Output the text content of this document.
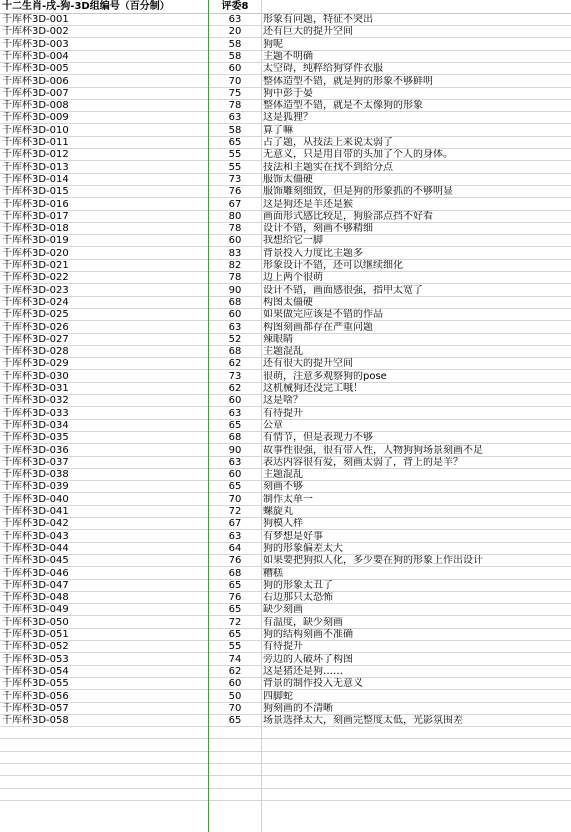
十二生肖-戌-狗-3D组编号（百分制）	评委8
千库杯3D-001	63	形象有问题，特征不突出
千库杯3D-002	20	还有巨大的提升空间
千库杯3D-003	58	狗呢
千库杯3D-004	58	主题不明确
千库杯3D-005	60	太空碍，纯粹给狗穿件衣服
千库杯3D-006	70	整体造型不错，就是狗的形象不够鲜明
千库杯3D-007	75	狗中彭于晏
千库杯3D-008	78	整体造型不错，就是不太像狗的形象
千库杯3D-009	63	这是狐狸？
千库杯3D-010	58	算了嘛
千库杯3D-011	65	占了题，从技法上来说太弱了
千库杯3D-012	55	无意义，只是用自带的头加了个人的身体。
千库杯3D-013	55	技法和主题实在找不到给分点
千库杯3D-014	73	服饰太僵硬
千库杯3D-015	76	服饰雕刻细致，但是狗的形象抓的不够明显
千库杯3D-016	67	这是狗还是羊还是猴
千库杯3D-017	80	画面形式感比较足，狗脸部点挡不好看
千库杯3D-018	78	设计不错，刻画不够精细
千库杯3D-019	60	我想给它一脚
千库杯3D-020	83	背景投入力度比主题多
千库杯3D-021	82	形象设计不错，还可以继续细化
千库杯3D-022	78	边上两个很萌
千库杯3D-023	90	设计不错，画面感很强，指甲太宽了
千库杯3D-024	68	构图太僵硬
千库杯3D-025	60	如果做完应该是不错的作品
千库杯3D-026	63	构图刻画都存在严重问题
千库杯3D-027	52	辣眼睛
千库杯3D-028	68	主题混乱
千库杯3D-029	62	还有很大的提升空间
千库杯3D-030	73	很萌，注意多观察狗的pose
千库杯3D-031	62	这机械狗还没完工哦！
千库杯3D-032	60	这是啥？
千库杯3D-033	63	有待提升
千库杯3D-034	65	公章
千库杯3D-035	68	有情节，但是表现力不够
千库杯3D-036	90	故事性很强，很有带入性，人物狗狗场景刻画不足
千库杯3D-037	63	表达内容很有爱，刻画太弱了，背上的是羊？
千库杯3D-038	60	主题混乱
千库杯3D-039	65	刻画不够
千库杯3D-040	70	制作太单一
千库杯3D-041	72	螺旋丸
千库杯3D-042	67	狗模人样
千库杯3D-043	63	有梦想是好事
千库杯3D-044	64	狗的形象偏差太大
千库杯3D-045	76	如果要把狗拟人化，多少要在狗的形象上作出设计
千库杯3D-046	68	糟糕
千库杯3D-047	65	狗的形象太丑了
千库杯3D-048	76	右边那只太恐怖
千库杯3D-049	65	缺少刻画
千库杯3D-050	72	有温度，缺少刻画
千库杯3D-051	65	狗的结构刻画不准确
千库杯3D-052	55	有待提升
千库杯3D-053	74	旁边的人破坏了构图
千库杯3D-054	62	这是猪还是狗……
千库杯3D-055	60	背景的制作投入无意义
千库杯3D-056	50	四脚蛇
千库杯3D-057	70	狗刻画的不清晰
千库杯3D-058	65	场景选择太大，刻画完整度太低，光影氛围差
